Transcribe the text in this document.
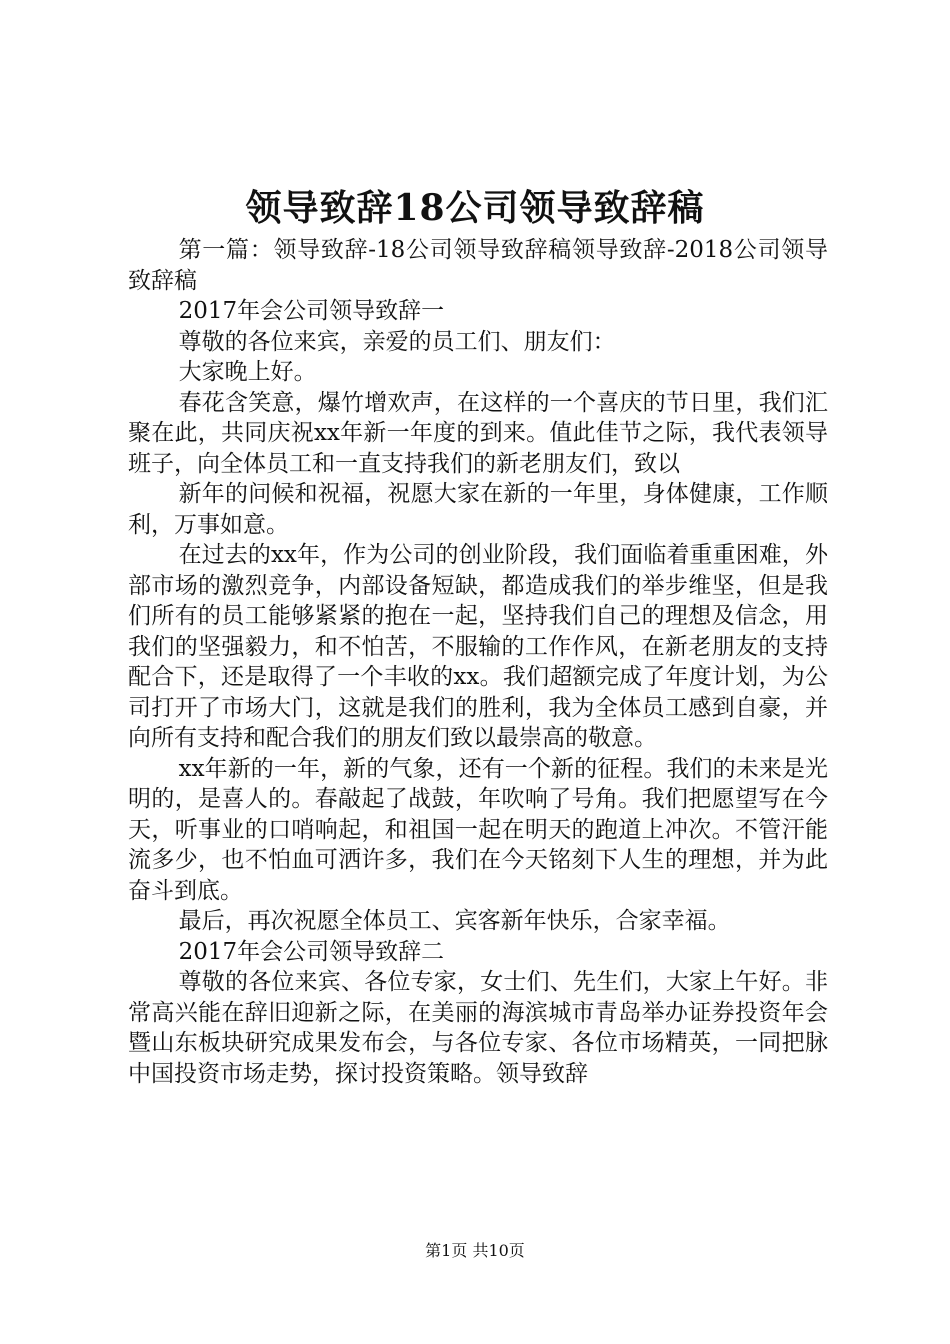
领导致辞18公司领导致辞稿

第一篇：领导致辞-18公司领导致辞稿领导致辞-2018公司领导致辞稿

2017年会公司领导致辞一

尊敬的各位来宾，亲爱的员工们、朋友们：

大家晚上好。

春花含笑意，爆竹增欢声，在这样的一个喜庆的节日里，我们汇聚在此，共同庆祝xx年新一年度的到来。值此佳节之际，我代表领导班子，向全体员工和一直支持我们的新老朋友们，致以

新年的问候和祝福，祝愿大家在新的一年里，身体健康，工作顺利，万事如意。

在过去的xx年，作为公司的创业阶段，我们面临着重重困难，外部市场的激烈竞争，内部设备短缺，都造成我们的举步维坚，但是我们所有的员工能够紧紧的抱在一起，坚持我们自己的理想及信念，用我们的坚强毅力，和不怕苦，不服输的工作作风，在新老朋友的支持配合下，还是取得了一个丰收的xx。我们超额完成了年度计划，为公司打开了市场大门，这就是我们的胜利，我为全体员工感到自豪，并向所有支持和配合我们的朋友们致以最崇高的敬意。

xx年新的一年，新的气象，还有一个新的征程。我们的未来是光明的，是喜人的。春敲起了战鼓，年吹响了号角。我们把愿望写在今天，听事业的口哨响起，和祖国一起在明天的跑道上冲次。不管汗能流多少，也不怕血可洒许多，我们在今天铭刻下人生的理想，并为此奋斗到底。

最后，再次祝愿全体员工、宾客新年快乐，合家幸福。

2017年会公司领导致辞二

尊敬的各位来宾、各位专家，女士们、先生们，大家上午好。非常高兴能在辞旧迎新之际，在美丽的海滨城市青岛举办证券投资年会暨山东板块研究成果发布会，与各位专家、各位市场精英，一同把脉中国投资市场走势，探讨投资策略。领导致辞

第1页 共10页
